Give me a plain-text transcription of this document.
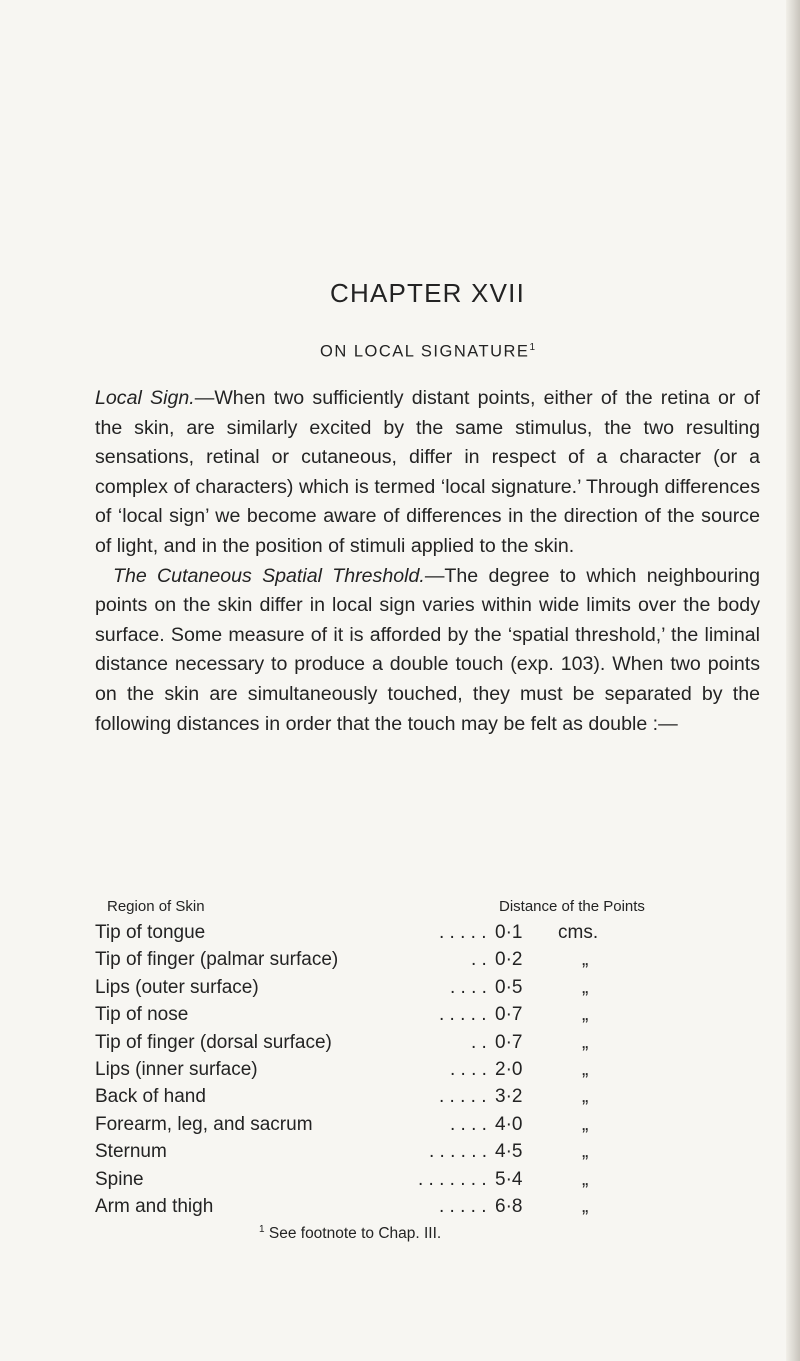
CHAPTER XVII
ON LOCAL SIGNATURE$^1$

Local Sign.—When two sufficiently distant points, either of the retina or of the skin, are similarly excited by the same stimulus, the two resulting sensations, retinal or cutaneous, differ in respect of a character (or a complex of characters) which is termed ‘local signature.’ Through differences of ‘local sign’ we become aware of differences in the direction of the source of light, and in the position of stimuli applied to the skin.

The Cutaneous Spatial Threshold.—The degree to which neighbouring points on the skin differ in local sign varies within wide limits over the body surface. Some measure of it is afforded by the ‘spatial threshold,’ the liminal distance necessary to produce a double touch (exp. 103). When two points on the skin are simultaneously touched, they must be separated by the following distances in order that the touch may be felt as double :—

Region of Skin	Distance of the Points
Tip of tongue	. . . . . 0·1 cms.
Tip of finger (palmar surface)	. . 0·2	„
Lips (outer surface)	. . . . 0·5	„
Tip of nose	. . . . . 0·7	„
Tip of finger (dorsal surface)	. . 0·7	„
Lips (inner surface)	. . . . 2·0	„
Back of hand	. . . . . 3·2	„
Forearm, leg, and sacrum	. . . . 4·0	„
Sternum	. . . . . . 4·5	„
Spine	. . . . . . . 5·4	„
Arm and thigh	. . . . . 6·8	„
$^1$ See footnote to Chap. III.
